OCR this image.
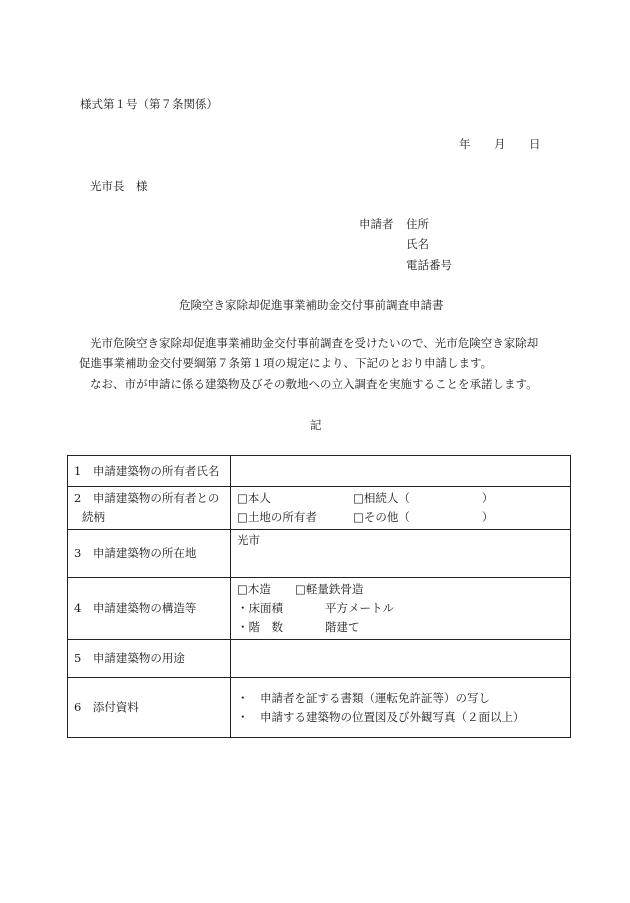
様式第１号（第７条関係）
年 月 日
光市長　様
申請者 住所
氏名
電話番号
危険空き家除却促進事業補助金交付事前調査申請書
光市危険空き家除却促進事業補助金交付事前調査を受けたいので、光市危険空き家除却
促進事業補助金交付要綱第７条第１項の規定により、下記のとおり申請します。
なお、市が申請に係る建築物及びその敷地への立入調査を実施することを承諾します。
記
1　申請建築物の所有者氏名	

2　申請建築物の所有者との
続柄	□本人 □相続人（ ）
□土地の所有者 □その他（ ）

3　申請建築物の所在地	光市
4　申請建築物の構造等	□木造 □軽量鉄骨造
・床面積 平方メートル
・階　数 階建て

5　申請建築物の用途	
6　添付資料	・　申請者を証する書類（運転免許証等）の写し
・　申請する建築物の位置図及び外観写真（２面以上）
